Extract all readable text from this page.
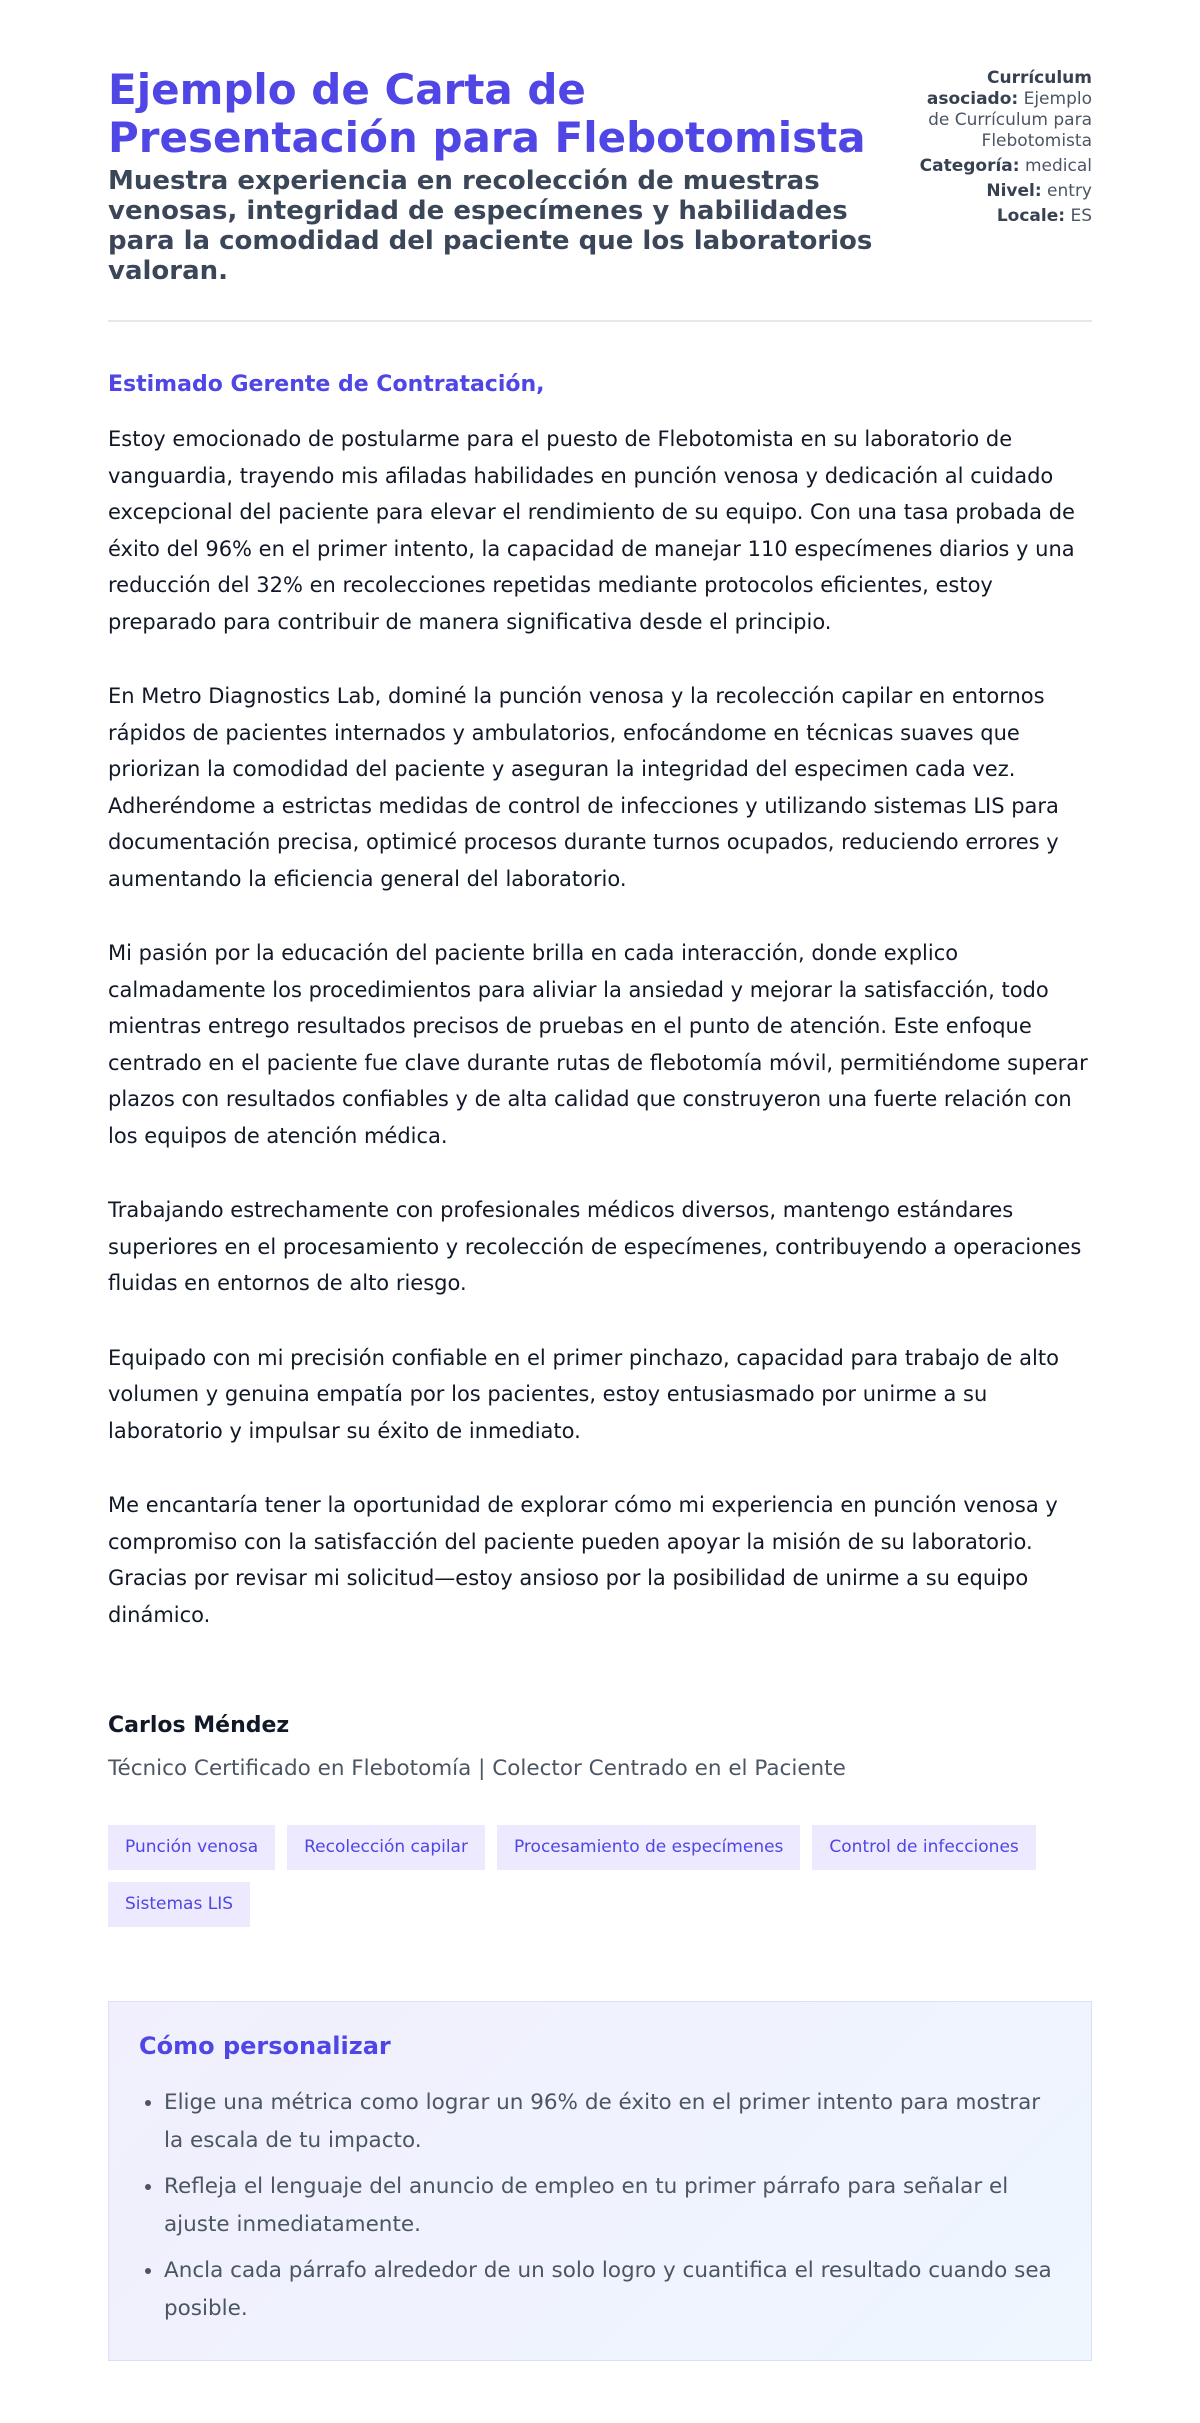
Ejemplo de Carta de Presentación para Flebotomista

Muestra experiencia en recolección de muestras venosas, integridad de especímenes y habilidades para la comodidad del paciente que los laboratorios valoran.

Currículum asociado: Ejemplo de Currículum para Flebotomista
Categoría: medical
Nivel: entry
Locale: ES
Estimado Gerente de Contratación,

Estoy emocionado de postularme para el puesto de Flebotomista en su laboratorio de vanguardia, trayendo mis afiladas habilidades en punción venosa y dedicación al cuidado excepcional del paciente para elevar el rendimiento de su equipo. Con una tasa probada de éxito del 96% en el primer intento, la capacidad de manejar 110 especímenes diarios y una reducción del 32% en recolecciones repetidas mediante protocolos eficientes, estoy preparado para contribuir de manera significativa desde el principio.

En Metro Diagnostics Lab, dominé la punción venosa y la recolección capilar en entornos rápidos de pacientes internados y ambulatorios, enfocándome en técnicas suaves que priorizan la comodidad del paciente y aseguran la integridad del especimen cada vez. Adheréndome a estrictas medidas de control de infecciones y utilizando sistemas LIS para documentación precisa, optimicé procesos durante turnos ocupados, reduciendo errores y aumentando la eficiencia general del laboratorio.

Mi pasión por la educación del paciente brilla en cada interacción, donde explico calmadamente los procedimientos para aliviar la ansiedad y mejorar la satisfacción, todo mientras entrego resultados precisos de pruebas en el punto de atención. Este enfoque centrado en el paciente fue clave durante rutas de flebotomía móvil, permitiéndome superar plazos con resultados confiables y de alta calidad que construyeron una fuerte relación con los equipos de atención médica.

Trabajando estrechamente con profesionales médicos diversos, mantengo estándares superiores en el procesamiento y recolección de especímenes, contribuyendo a operaciones fluidas en entornos de alto riesgo.

Equipado con mi precisión confiable en el primer pinchazo, capacidad para trabajo de alto volumen y genuina empatía por los pacientes, estoy entusiasmado por unirme a su laboratorio y impulsar su éxito de inmediato.

Me encantaría tener la oportunidad de explorar cómo mi experiencia en punción venosa y compromiso con la satisfacción del paciente pueden apoyar la misión de su laboratorio. Gracias por revisar mi solicitud—estoy ansioso por la posibilidad de unirme a su equipo dinámico.

Carlos Méndez
Técnico Certificado en Flebotomía | Colector Centrado en el Paciente
Punción venosa	Recolección capilar	Procesamiento de especímenes	Control de infecciones
Sistemas LIS
Cómo personalizar
• Elige una métrica como lograr un 96% de éxito en el primer intento para mostrar la escala de tu impacto.
• Refleja el lenguaje del anuncio de empleo en tu primer párrafo para señalar el ajuste inmediatamente.
• Ancla cada párrafo alrededor de un solo logro y cuantifica el resultado cuando sea posible.
